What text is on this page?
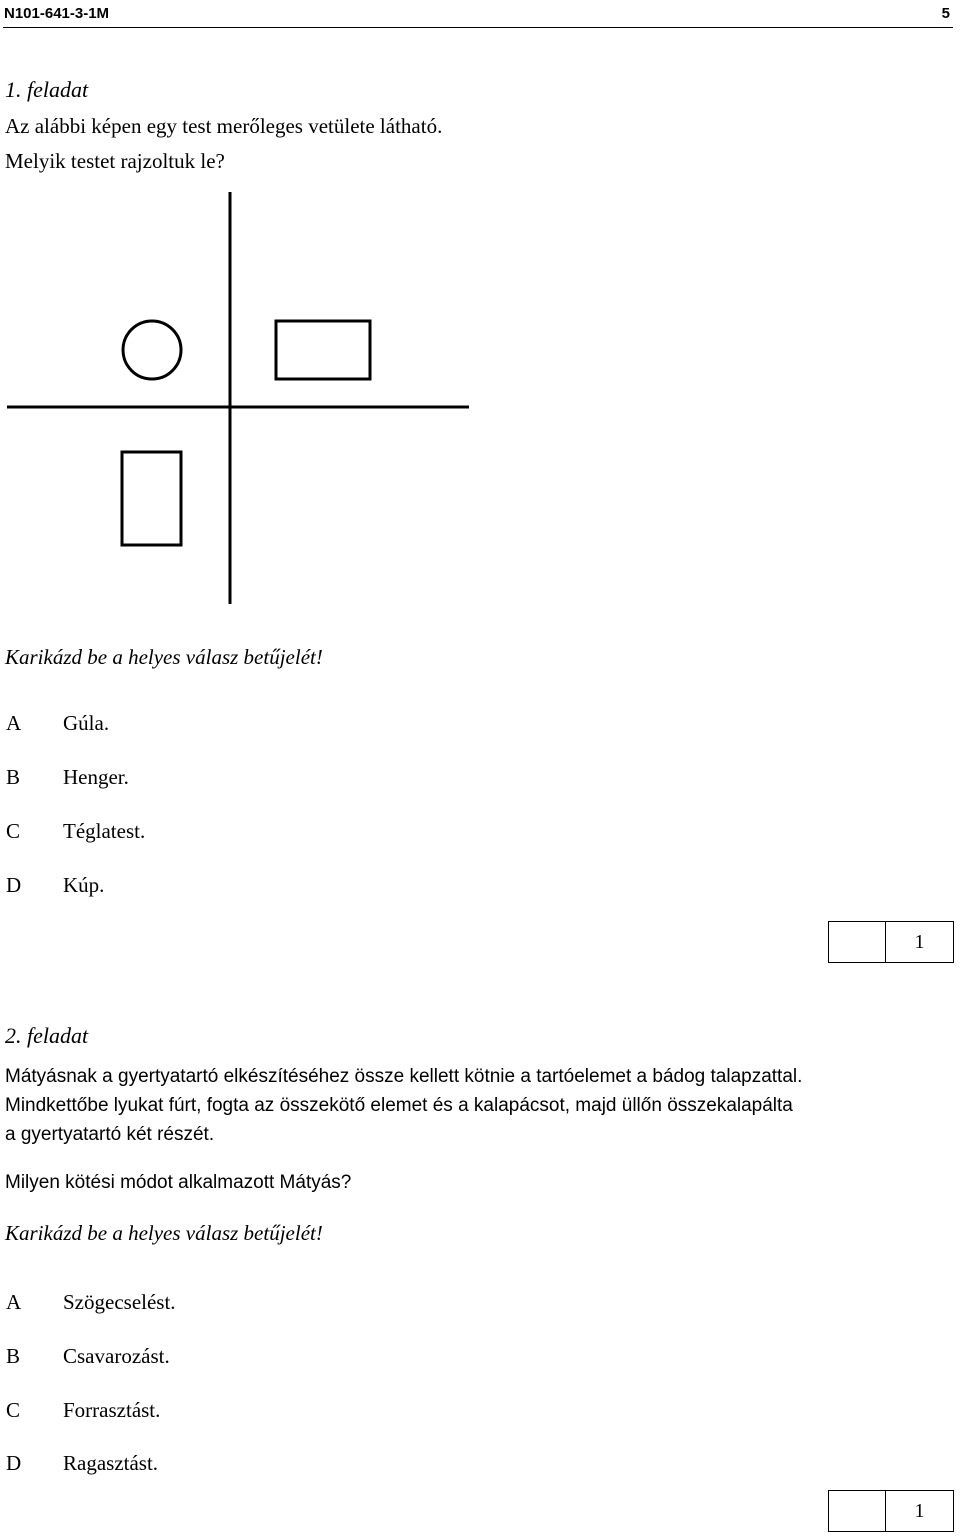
N101-641-3-1M	5
1. feladat
Az alábbi képen egy test merőleges vetülete látható.
Melyik testet rajzoltuk le?
Karikázd be a helyes válasz betűjelét!
A Gúla.
B Henger.
C Téglatest.
D Kúp.
1
2. feladat
Mátyásnak a gyertyatartó elkészítéséhez össze kellett kötnie a tartóelemet a bádog talapzattal.
Mindkettőbe lyukat fúrt, fogta az összekötő elemet és a kalapácsot, majd üllőn összekalapálta
a gyertyatartó két részét.
Milyen kötési módot alkalmazott Mátyás?
Karikázd be a helyes válasz betűjelét!
A Szögecselést.
B Csavarozást.
C Forrasztást.
D Ragasztást.
1
